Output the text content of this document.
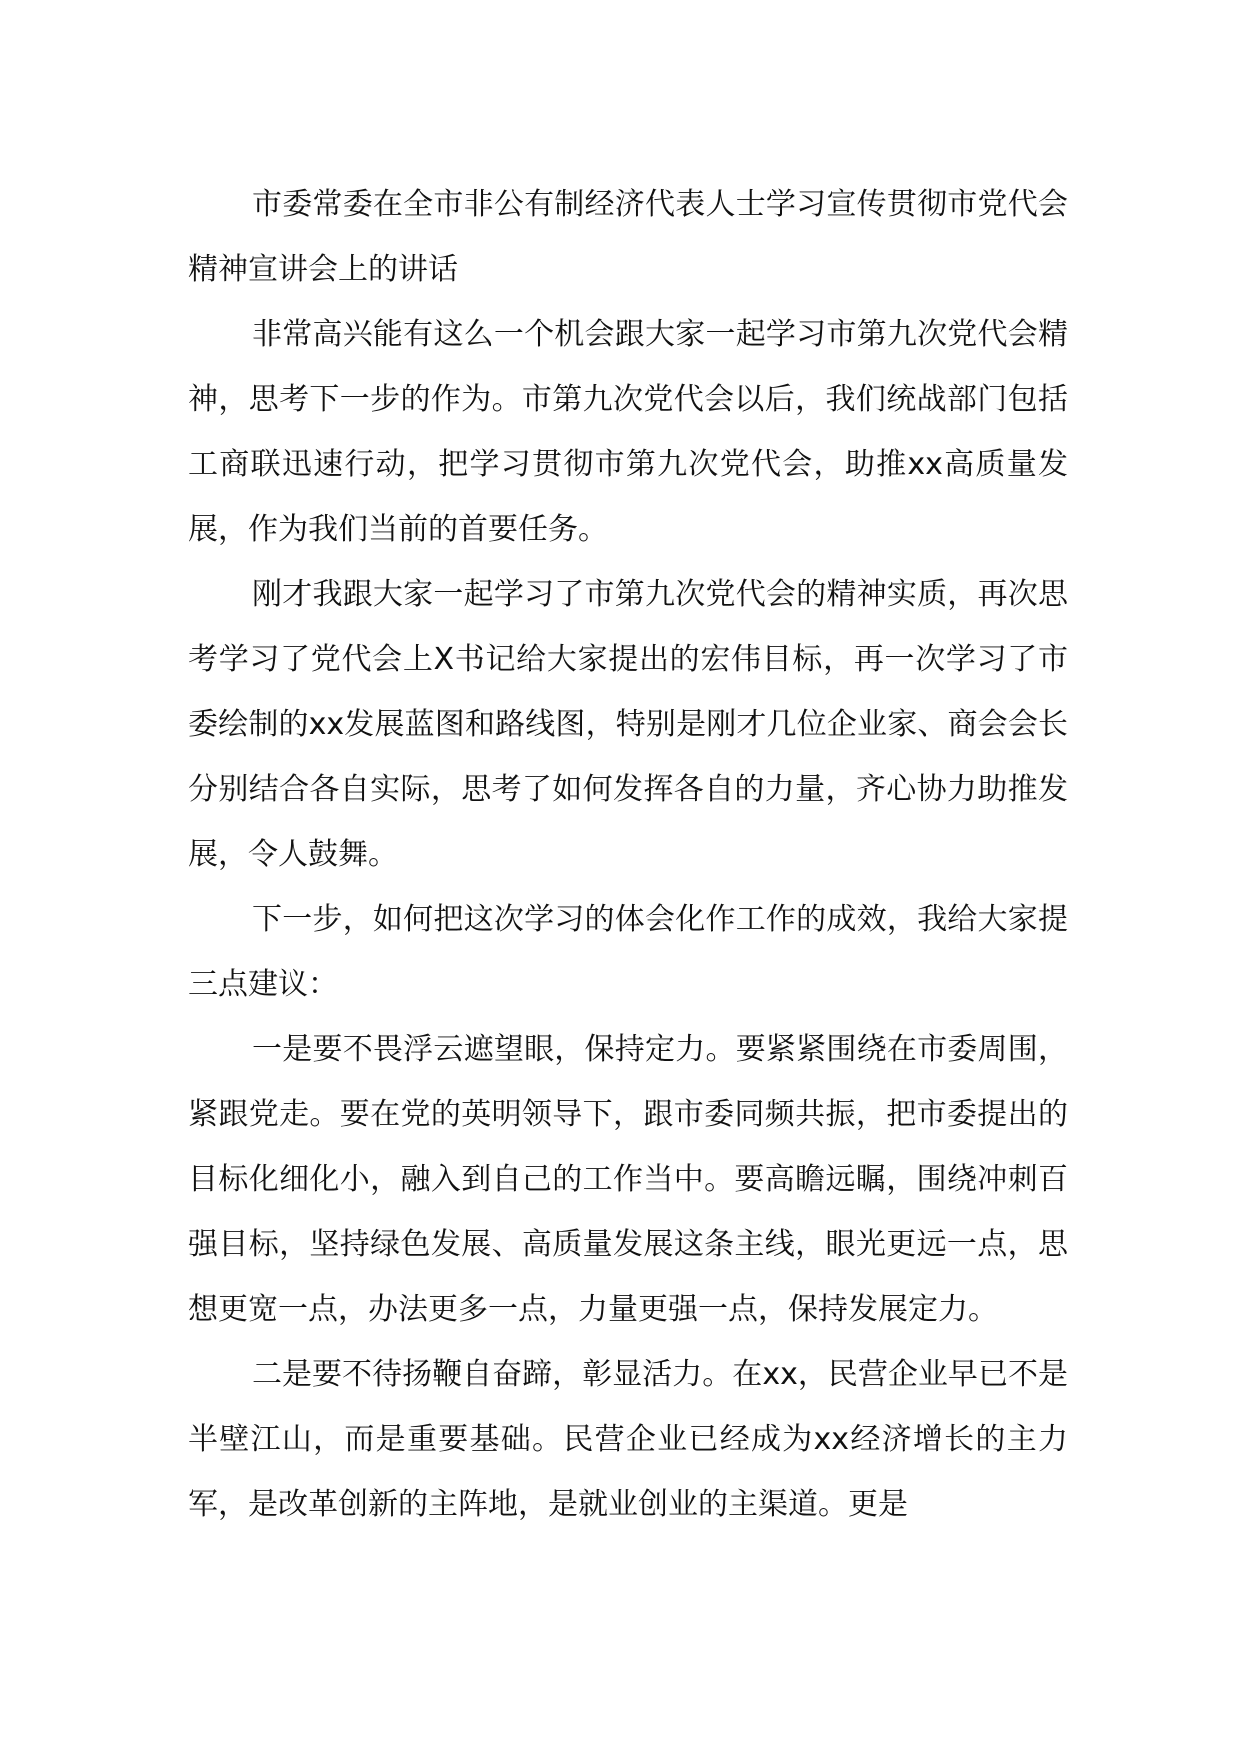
市委常委在全市非公有制经济代表人士学习宣传贯彻市党代会精神宣讲会上的讲话

非常高兴能有这么一个机会跟大家一起学习市第九次党代会精神，思考下一步的作为。市第九次党代会以后，我们统战部门包括工商联迅速行动，把学习贯彻市第九次党代会，助推xx高质量发展，作为我们当前的首要任务。

刚才我跟大家一起学习了市第九次党代会的精神实质，再次思考学习了党代会上X书记给大家提出的宏伟目标，再一次学习了市委绘制的xx发展蓝图和路线图，特别是刚才几位企业家、商会会长分别结合各自实际，思考了如何发挥各自的力量，齐心协力助推发展，令人鼓舞。

下一步，如何把这次学习的体会化作工作的成效，我给大家提三点建议：

一是要不畏浮云遮望眼，保持定力。要紧紧围绕在市委周围，紧跟党走。要在党的英明领导下，跟市委同频共振，把市委提出的目标化细化小，融入到自己的工作当中。要高瞻远瞩，围绕冲刺百强目标，坚持绿色发展、高质量发展这条主线，眼光更远一点，思想更宽一点，办法更多一点，力量更强一点，保持发展定力。

二是要不待扬鞭自奋蹄，彰显活力。在xx，民营企业早已不是半壁江山，而是重要基础。民营企业已经成为xx经济增长的主力军，是改革创新的主阵地，是就业创业的主渠道。更是
